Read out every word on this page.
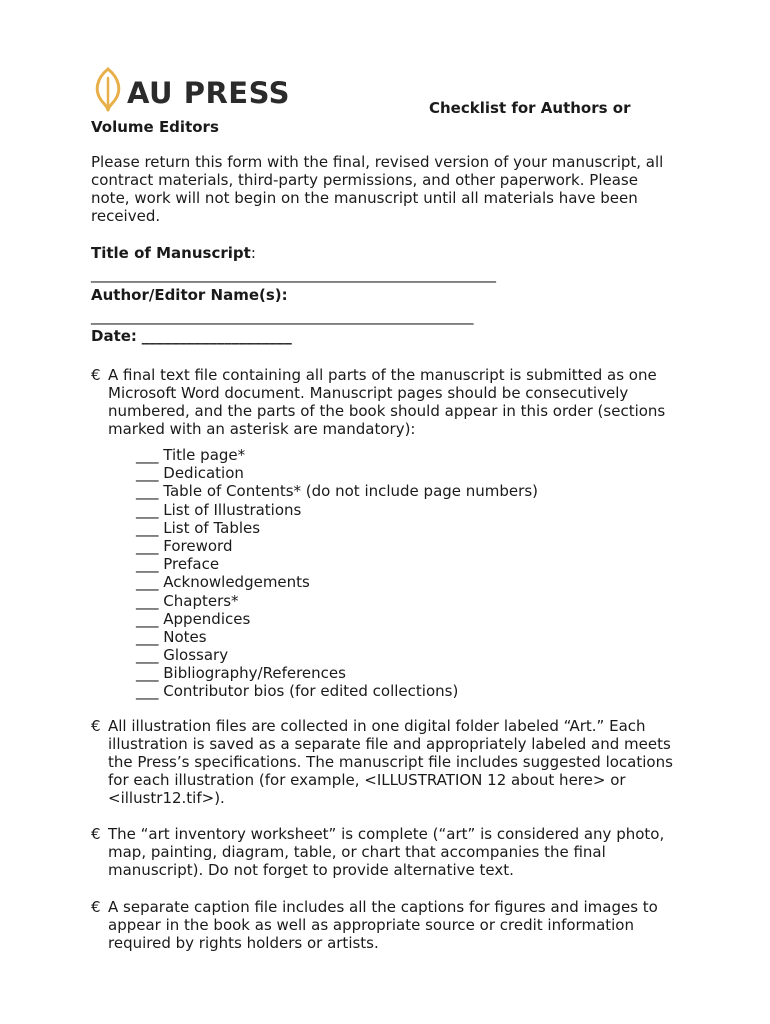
AU PRESS	Checklist for Authors or
Volume Editors
Please return this form with the final, revised version of your manuscript, all contract materials, third-party permissions, and other paperwork. Please note, work will not begin on the manuscript until all materials have been received.
Title of Manuscript:
______________________________________________________
Author/Editor Name(s):
___________________________________________________
Date: ____________________
€ A final text file containing all parts of the manuscript is submitted as one Microsoft Word document. Manuscript pages should be consecutively numbered, and the parts of the book should appear in this order (sections marked with an asterisk are mandatory):
___ Title page*
___ Dedication
___ Table of Contents* (do not include page numbers)
___ List of Illustrations
___ List of Tables
___ Foreword
___ Preface
___ Acknowledgements
___ Chapters*
___ Appendices
___ Notes
___ Glossary
___ Bibliography/References
___ Contributor bios (for edited collections)
€ All illustration files are collected in one digital folder labeled “Art.” Each illustration is saved as a separate file and appropriately labeled and meets the Press’s specifications. The manuscript file includes suggested locations for each illustration (for example, <ILLUSTRATION 12 about here> or <illustr12.tif>).
€ The “art inventory worksheet” is complete (“art” is considered any photo, map, painting, diagram, table, or chart that accompanies the final manuscript). Do not forget to provide alternative text.
€ A separate caption file includes all the captions for figures and images to appear in the book as well as appropriate source or credit information required by rights holders or artists.
